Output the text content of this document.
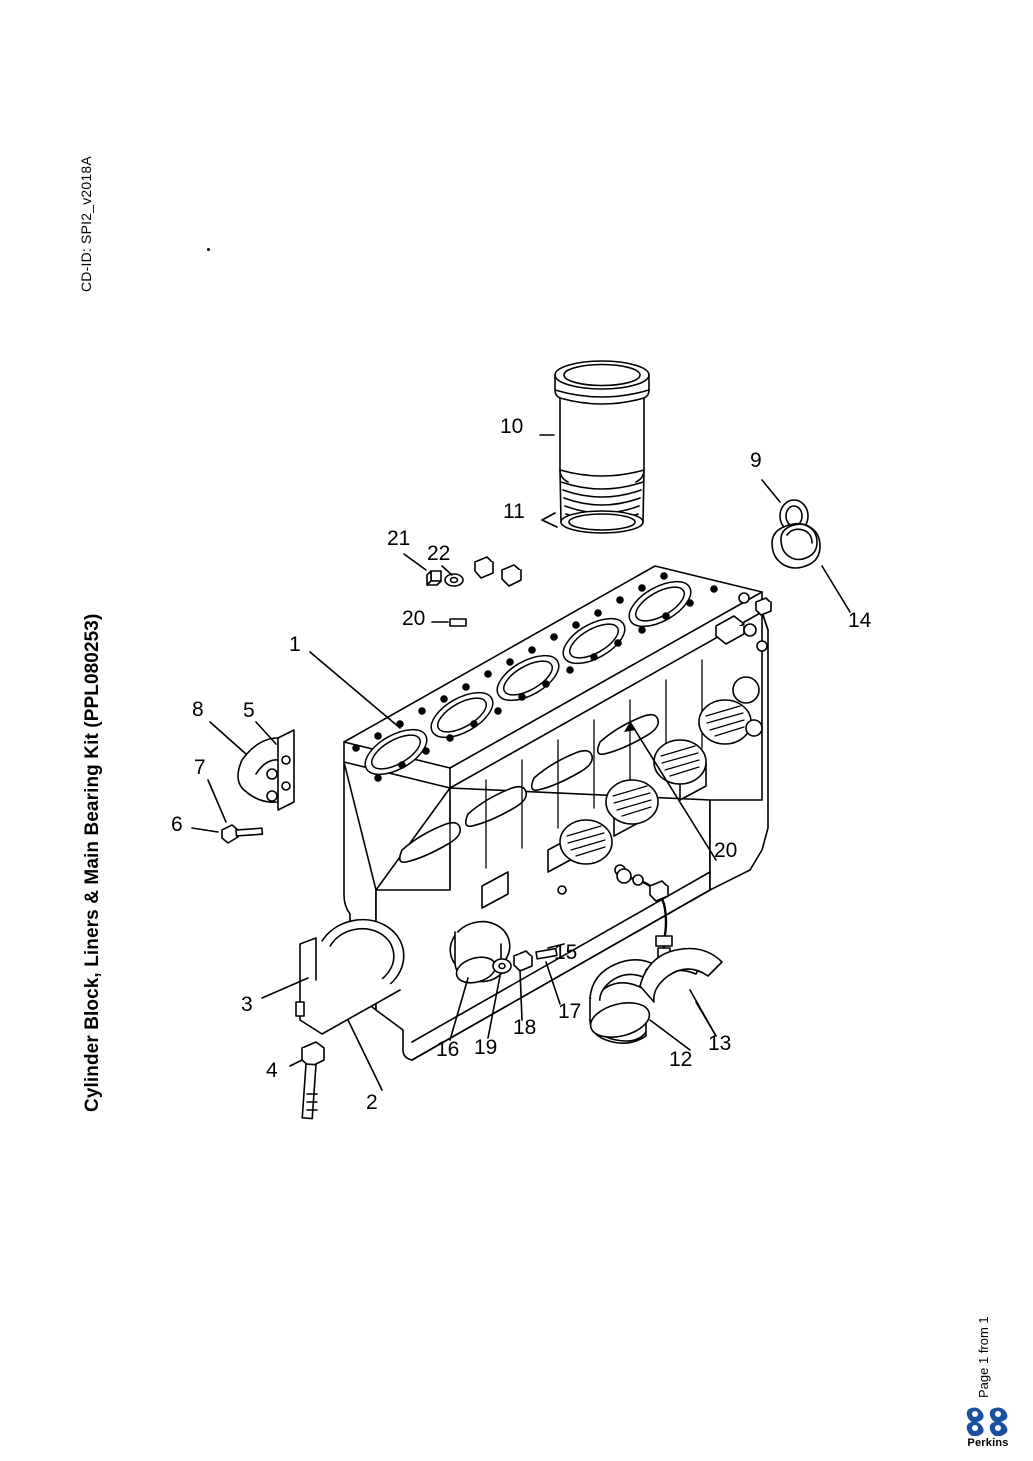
CD-ID: SPI2_v2018A
Cylinder Block, Liners & Main Bearing Kit (PPL080253)
Page 1 from 1
1
2
3
4
5
6
7
8
9
10
11
12
13
14
15
16
17
18
19
20
20
21
22
Perkins
